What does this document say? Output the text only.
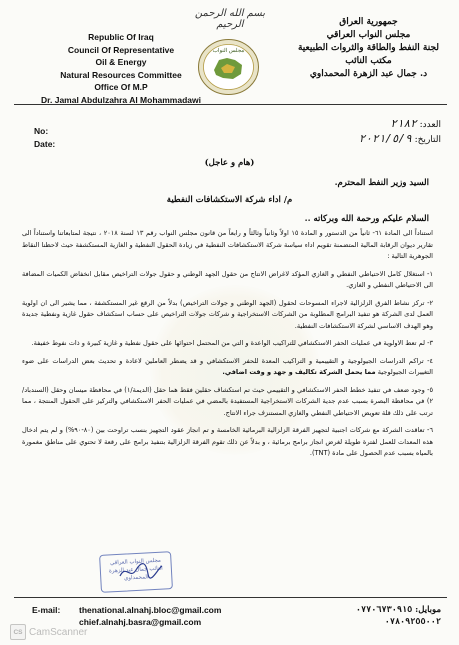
Republic Of Iraq
Council Of Representative
Oil & Energy
Natural Resources Committee
Office Of M.P
Dr. Jamal Abdulzahra Al Mohammadawi
بسم الله الرحمن الرحيم
مجلس النواب
جمهورية العراق
مجلس النواب العراقي
لجنة النفط والطاقة والثروات الطبيعية
مكتب النائب
د. جمال عبد الزهرة المحمداوي
No:
Date:
العدد: ٢١٨٢
التاريخ: ٢٠٢١/٥/٩
(هام و عاجل)
السيد وزير النفط المحترم.
م/ اداء شركة الاستكشافات النفطية
السلام عليكم ورحمة الله وبركاته ..

استناداً الى المادة ٦١- ثانياً من الدستور و المادة ١٥ اولاً وثانياً وثالثاً و رابعاً من قانون مجلس النواب رقم ١٣ لسنة ٢٠١٨ ، نتيجة لمتابعاتنا واستناداً الى تقارير ديوان الرقابة المالية المتضمنة تقويم اداء سياسة شركة الاستكشافات النفطية في زيادة الحقول النفطية و الغازية المستكشفة حيث لاحظنا النقاط الجوهرية التالية :

١- استغلال كامل الاحتياطي النفطي و الغازي المؤكد لاغراض الانتاج من حقول الجهد الوطني و حقول جولات التراخيص مقابل انخفاض الكميات المضافة الى الاحتياطي النفطي و الغازي.

٢- تركز نشاط الفرق الزلزالية لاجراء المسوحات لحقول (الجهد الوطني و جولات التراخيص) بدلاً من الرقع غير المستكشفة ، مما يشير الى ان اولوية العمل لدى الشركة هو تنفيذ البرامج المطلوبة من الشركات الاستخراجية و شركات جولات التراخيص على حساب استكشاف حقول غازية ونفطية جديدة وهو الهدف الاساسي لشركة الاستكشافات النفطية.

٣- لم تعط الاولوية في عمليات الحفر الاستكشافي للتراكيب الواعدة و التي من المحتمل احتوائها على حقول نفطية و غازية كبيرة و ذات نفوط خفيفة.

٤- تراكم الدراسات الجيولوجية و التقييمية و التراكيب المعدة للحفر الاستكشافي و قد يضطر العاملين لاعادة و تحديث بعض الدراسات على ضوء التغييرات الجيولوجية مما يحمل الشركة تكاليف و جهد و وقت اضافي.

٥- وجود ضعف في تنفيذ خطط الحفر الاستكشافي و التقييمي حيث تم استكشاف حقلين فقط هما حقل (الديمة/١) في محافظة ميسان وحقل (السندباد/٢) في محافظة البصرة بسبب عدم جدية الشركات الاستخراجية المستفيدة بالمضي في عمليات الحفر الاستكشافي والتركيز على الحقول المنتجة ، مما ترتب على ذلك قلة تعويض الاحتياطي النفطي والغازي المستنزف جراء الانتاج.

٦- تعاقدت الشركة مع شركات اجنبية لتجهيز الفرقة الزلزالية البرمائية الخامسة و تم انجاز عقود التجهيز بنسب تراوحت بين (٨٠-٩٠%) و لم يتم ادخال هذه المعدات للعمل لفترة طويلة لغرض انجاز برامج برمائية ، و بدلاً عن ذلك تقوم الفرقة الزلزالية بتنفيذ برامج على رقعة لا تحتوي على مناطق مغمورة بالمياه بسبب عدم الحصول على مادة (TNT).

مجلس النواب العراقي
النائب جمال عبد الزهرة المحمداوي
E-mail: thenational.alnahj.bloc@gmail.com
chief.alnahj.basra@gmail.com
موبايل: ٠٧٧٠٦٧٣٠٩١٥
٠٧٨٠٩٢٥٥٠٠٢
CS CamScanner
